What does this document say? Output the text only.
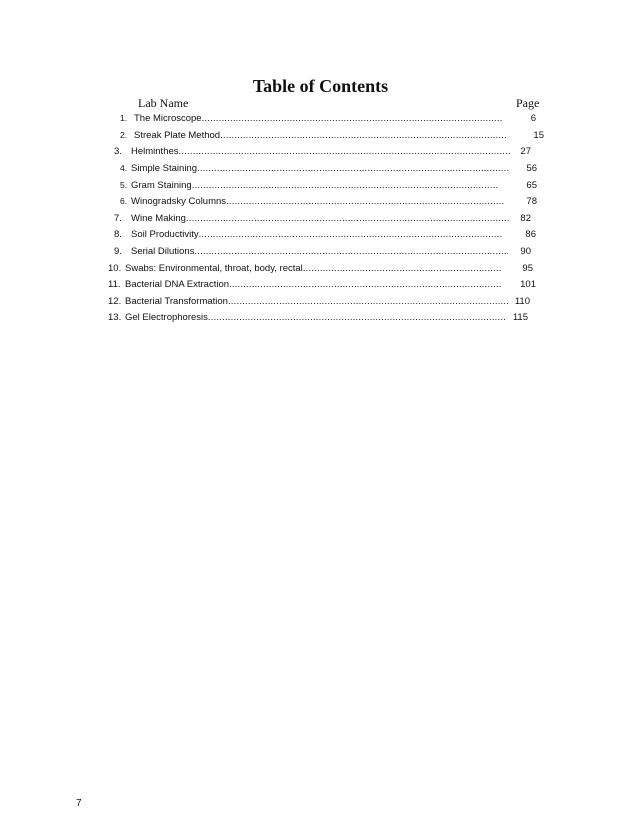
Table of Contents
Lab Name	Page
1. The Microscope .....	6
2. Streak Plate Method .....	15
3. Helminthes .....	27
4. Simple Staining .....	56
5. Gram Staining .....	65
6. Winogradsky Columns .....	78
7. Wine Making .....	82
8. Soil Productivity .....	86
9. Serial Dilutions .....	90
10. Swabs: Environmental, throat, body, rectal .....	95
11. Bacterial DNA Extraction .....	101
12. Bacterial Transformation .....	110
13. Gel Electrophoresis .....	115
7
